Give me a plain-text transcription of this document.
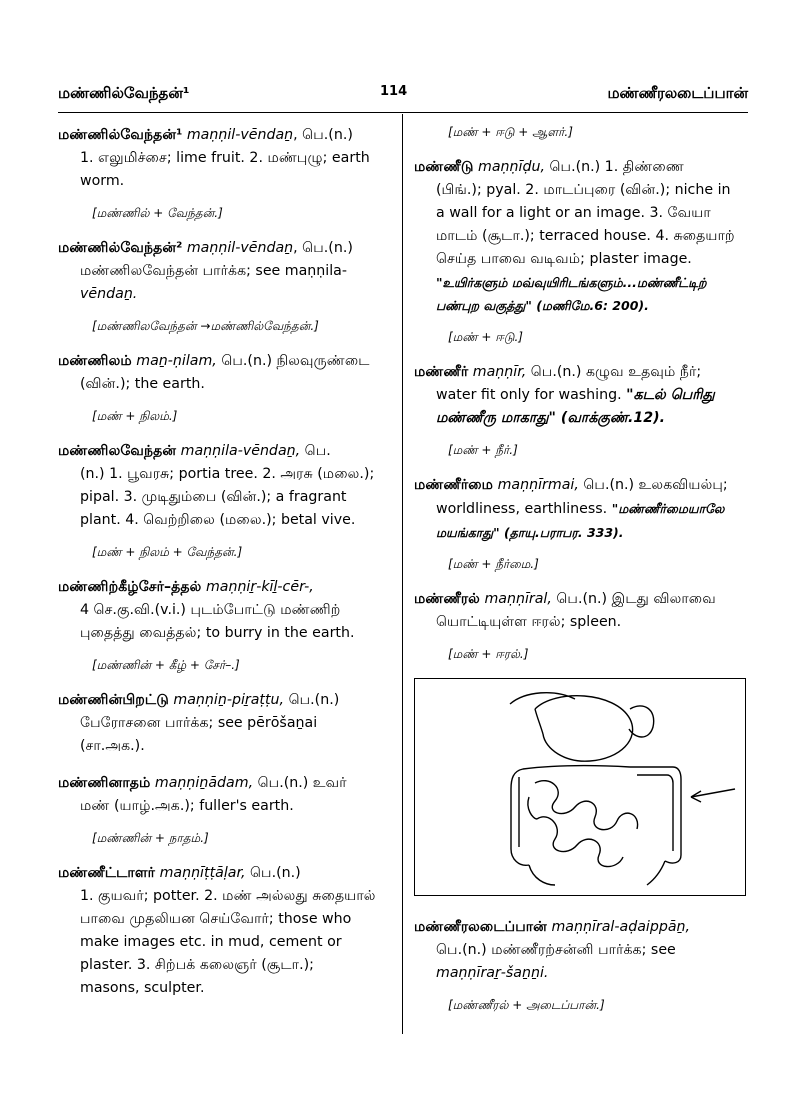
மண்ணில்வேந்தன்¹	114	மண்ணீரலடைப்பான்
மண்ணில்வேந்தன்¹ maṇṇil-vēndaṉ, பெ.(n.)
1. எலுமிச்சை; lime fruit. 2. மண்புழு; earth
worm.
[மண்ணில் + வேந்தன்.]
மண்ணில்வேந்தன்² maṇṇil-vēndaṉ, பெ.(n.)
மண்ணிலவேந்தன் பார்க்க; see maṇṇila-
vēndaṉ.
[மண்ணிலவேந்தன் →மண்ணில்வேந்தன்.]
மண்ணிலம் maṉ-ṇilam, பெ.(n.) நிலவுருண்டை
(வின்.); the earth.
[மண் + நிலம்.]
மண்ணிலவேந்தன் maṇṇila-vēndaṉ, பெ.
(n.) 1. பூவரசு; portia tree. 2. அரசு (மலை.);
pipal. 3. முடிதும்பை (வின்.); a fragrant
plant. 4. வெற்றிலை (மலை.); betal vive.
[மண் + நிலம் + வேந்தன்.]
மண்ணிற்கீழ்சேர்–த்தல் maṇṇiṟ-kīḻ-cēr-,
4 செ.கு.வி.(v.i.) புடம்போட்டு மண்ணிற்
புதைத்து வைத்தல்; to burry in the earth.
[மண்ணின் + கீழ் + சேர்–.]
மண்ணின்பிறட்டு maṇṇiṉ-piṟaṭṭu, பெ.(n.)
பேரோசனை பார்க்க; see pērōšaṉai
(சா.அக.).
மண்ணினாதம் maṇṇiṉādam, பெ.(n.) உவர்
மண் (யாழ்.அக.); fuller's earth.
[மண்ணின் + நாதம்.]
மண்ணீட்டாளர் maṇṇīṭṭāḷar, பெ.(n.)
1. குயவர்; potter. 2. மண் அல்லது சுதையால்
பாவை முதலியன செய்வோர்; those who
make images etc. in mud, cement or
plaster. 3. சிற்பக் கலைஞர் (சூடா.);
masons, sculpter.
[மண் + ஈடு + ஆளர்.]
மண்ணீடு maṇṇīḍu, பெ.(n.) 1. திண்ணை
(பிங்.); pyal. 2. மாடப்புரை (வின்.); niche in
a wall for a light or an image. 3. வேயா
மாடம் (சூடா.); terraced house. 4. சுதையாற்
செய்த பாவை வடிவம்; plaster image.
"உயிர்களும் மவ்வுயிரிடங்களும்...மண்ணீட்டிற்
பண்புற வகுத்து" (மணிமே.6: 200).
[மண் + ஈடு.]
மண்ணீர் maṇṇīr, பெ.(n.) கழுவ உதவும் நீர்;
water fit only for washing. "கடல் பெரிது
மண்ணீரு மாகாது" (வாக்குண்.12).
[மண் + நீர்.]
மண்ணீர்மை maṇṇīrmai, பெ.(n.) உலகவியல்பு;
worldliness, earthliness. "மண்ணீர்மையாலே
மயங்காது" (தாயு.பராபர. 333).
[மண் + நீர்மை.]
மண்ணீரல் maṇṇīral, பெ.(n.) இடது விலாவை
யொட்டியுள்ள ஈரல்; spleen.
[மண் + ஈரல்.]
மண்ணீரலடைப்பான் maṇṇīral-aḍaippāṉ,
பெ.(n.) மண்ணீரற்சன்னி பார்க்க; see
maṇṇīraṟ-šaṉṉi.
[மண்ணீரல் + அடைப்பான்.]
